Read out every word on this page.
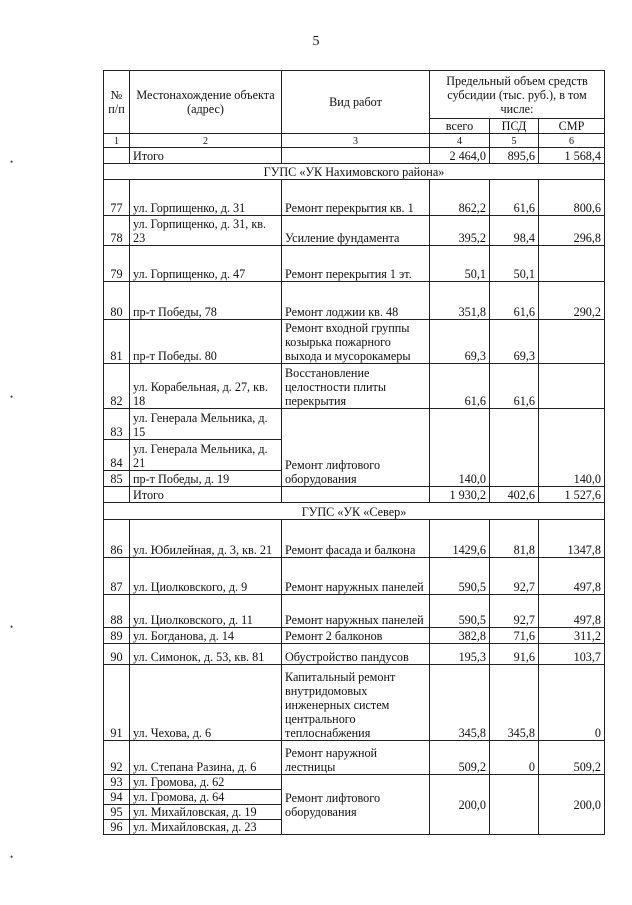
5
•
•
•
•
№ п/п	Местонахождение объекта (адрес)	Вид работ	Предельный объем средств субсидии (тыс. руб.), в том числе:		
			всего	ПСД	СМР
1	2	3	4	5	6
	Итого		2 464,0	895,6	1 568,4
ГУПС «УК Нахимовского района»					
77	ул. Горпищенко, д. 31	Ремонт перекрытия кв. 1	862,2	61,6	800,6
78	ул. Горпищенко, д. 31, кв. 23	Усиление фундамента	395,2	98,4	296,8
79	ул. Горпищенко, д. 47	Ремонт перекрытия 1 эт.	50,1	50,1	
80	пр-т Победы, 78	Ремонт лоджии кв. 48	351,8	61,6	290,2
81	пр-т Победы. 80	Ремонт входной группы козырька пожарного выхода и мусорокамеры	69,3	69,3	
82	ул. Корабельная, д. 27, кв. 18	Восстановление целостности плиты перекрытия	61,6	61,6	
83	ул. Генерала Мельника, д. 15	Ремонт лифтового оборудования	140,0		140,0
84	ул. Генерала Мельника, д. 21				
85	пр-т Победы, д. 19				
	Итого		1 930,2	402,6	1 527,6
ГУПС «УК «Север»					
86	ул. Юбилейная, д. 3, кв. 21	Ремонт фасада и балкона	1429,6	81,8	1347,8
87	ул. Циолковского, д. 9	Ремонт наружных панелей	590,5	92,7	497,8
88	ул. Циолковского, д. 11	Ремонт наружных панелей	590,5	92,7	497,8
89	ул. Богданова, д. 14	Ремонт 2 балконов	382,8	71,6	311,2
90	ул. Симонок, д. 53, кв. 81	Обустройство пандусов	195,3	91,6	103,7
91	ул. Чехова, д. 6	Капитальный ремонт внутридомовых инженерных систем центрального теплоснабжения	345,8	345,8	0
92	ул. Степана Разина, д. 6	Ремонт наружной лестницы	509,2	0	509,2
93	ул. Громова, д. 62	Ремонт лифтового оборудования	200,0		200,0
94	ул. Громова, д. 64				
95	ул. Михайловская, д. 19				
96	ул. Михайловская, д. 23				
